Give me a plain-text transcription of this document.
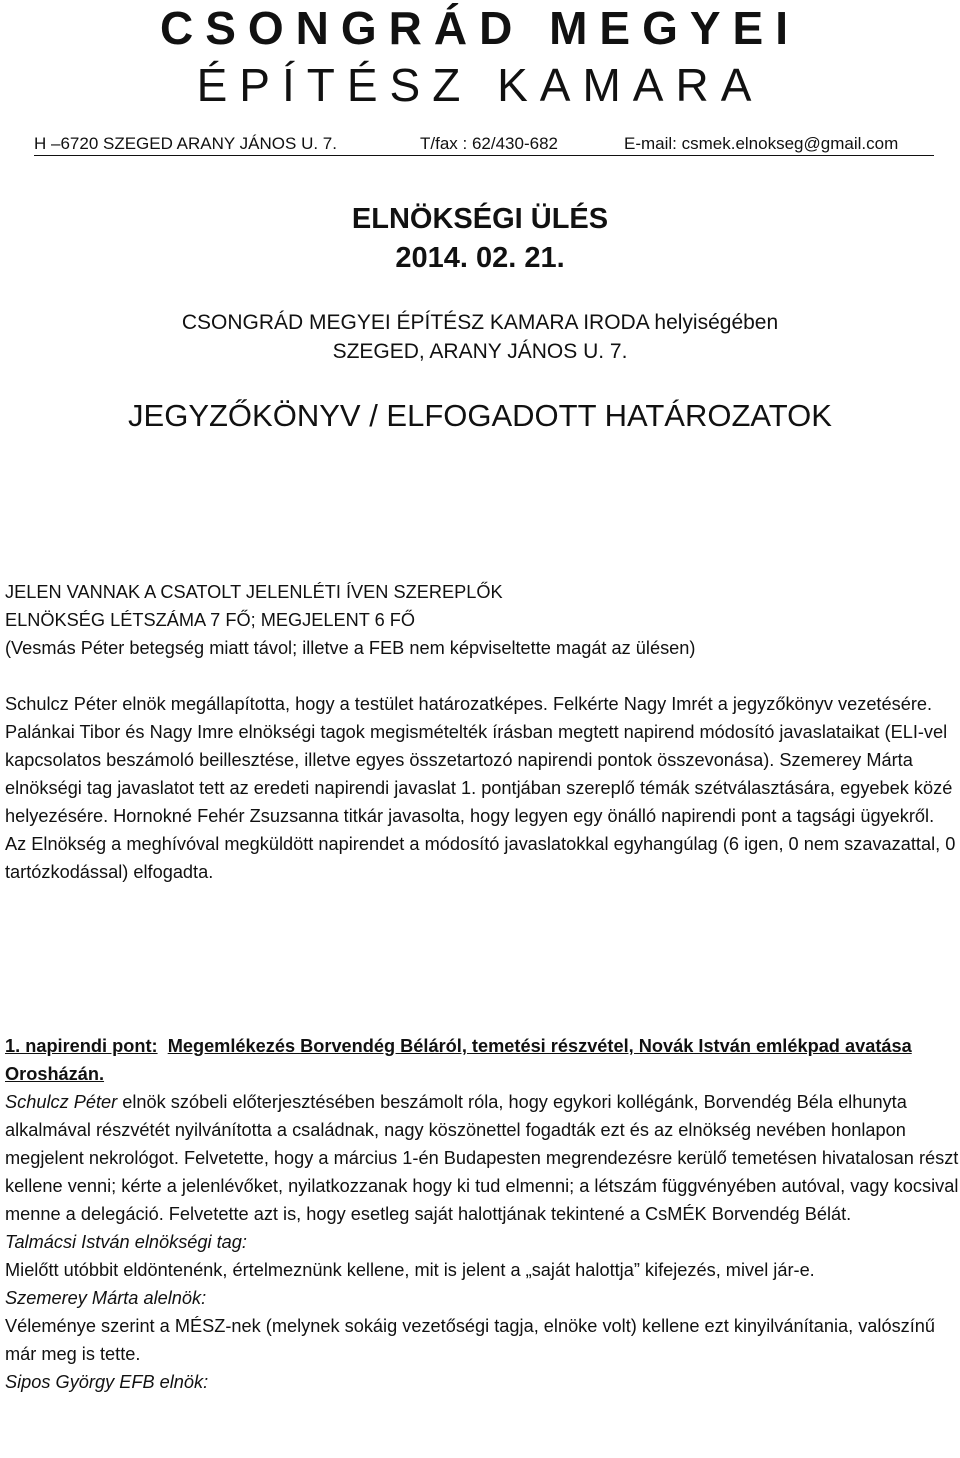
CSONGRÁD MEGYEI
ÉPÍTÉSZ KAMARA
H –6720 SZEGED ARANY JÁNOS U. 7.	T/fax : 62/430-682	E-mail: csmek.elnokseg@gmail.com
ELNÖKSÉGI ÜLÉS
2014. 02. 21.
CSONGRÁD MEGYEI ÉPÍTÉSZ KAMARA IRODA helyiségében
SZEGED, ARANY JÁNOS U. 7.
JEGYZŐKÖNYV / ELFOGADOTT HATÁROZATOK

JELEN VANNAK A CSATOLT JELENLÉTI ÍVEN SZEREPLŐK

ELNÖKSÉG LÉTSZÁMA 7 FŐ; MEGJELENT 6 FŐ

(Vesmás Péter betegség miatt távol; illetve a FEB nem képviseltette magát az ülésen)

Schulcz Péter elnök megállapította, hogy a testület határozatképes. Felkérte Nagy Imrét a jegyzőkönyv vezetésére.

Palánkai Tibor és Nagy Imre elnökségi tagok megismételték írásban megtett napirend módosító javaslataikat (ELI-vel kapcsolatos beszámoló beillesztése, illetve egyes összetartozó napirendi pontok összevonása). Szemerey Márta elnökségi tag javaslatot tett az eredeti napirendi javaslat 1. pontjában szereplő témák szétválasztására, egyebek közé helyezésére. Hornokné Fehér Zsuzsanna titkár javasolta, hogy legyen egy önálló napirendi pont a tagsági ügyekről.

Az Elnökség a meghívóval megküldött napirendet a módosító javaslatokkal egyhangúlag (6 igen, 0 nem szavazattal, 0 tartózkodással) elfogadta.

1. napirendi pont: Megemlékezés Borvendég Béláról, temetési részvétel, Novák István emlékpad avatása Orosházán.

Schulcz Péter elnök szóbeli előterjesztésében beszámolt róla, hogy egykori kollégánk, Borvendég Béla elhunyta alkalmával részvétét nyilvánította a családnak, nagy köszönettel fogadták ezt és az elnökség nevében honlapon megjelent nekrológot. Felvetette, hogy a március 1-én Budapesten megrendezésre kerülő temetésen hivatalosan részt kellene venni; kérte a jelenlévőket, nyilatkozzanak hogy ki tud elmenni; a létszám függvényében autóval, vagy kocsival menne a delegáció. Felvetette azt is, hogy esetleg saját halottjának tekintené a CsMÉK Borvendég Bélát.

Talmácsi István elnökségi tag:

Mielőtt utóbbit eldöntenénk, értelmeznünk kellene, mit is jelent a „saját halottja” kifejezés, mivel jár-e.

Szemerey Márta alelnök:

Véleménye szerint a MÉSZ-nek (melynek sokáig vezetőségi tagja, elnöke volt) kellene ezt kinyilvánítania, valószínű már meg is tette.

Sipos György EFB elnök:
